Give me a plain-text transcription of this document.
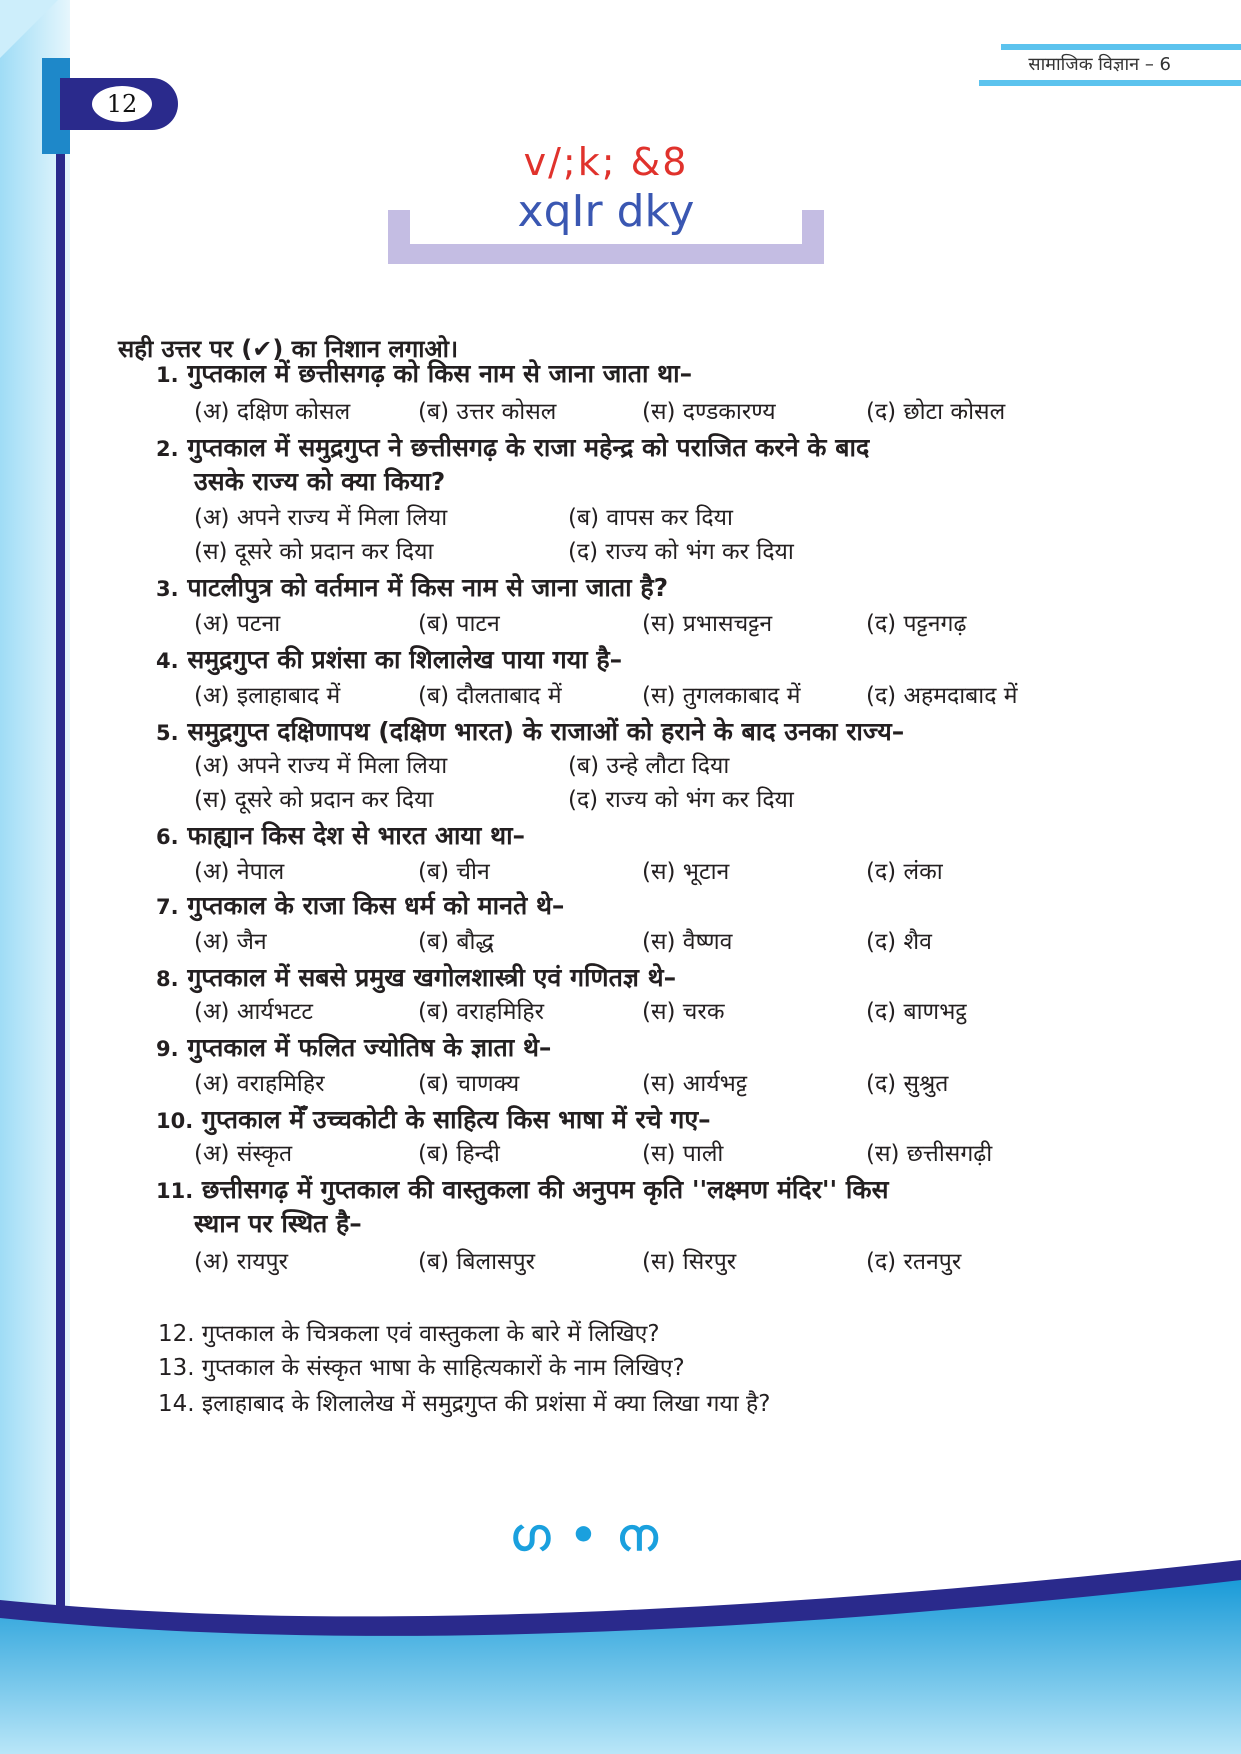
12
सामाजिक विज्ञान – 6
v/;k; &8
xqIr dky
सही उत्तर पर (✔) का निशान लगाओ।
1. गुप्तकाल में छत्तीसगढ़ को किस नाम से जाना जाता था–
(अ) दक्षिण कोसल	(ब) उत्तर कोसल	(स) दण्डकारण्य	(द) छोटा कोसल
2. गुप्तकाल में समुद्रगुप्त ने छत्तीसगढ़ के राजा महेन्द्र को पराजित करने के बाद
उसके राज्य को क्या किया?
(अ) अपने राज्य में मिला लिया	(ब) वापस कर दिया
(स) दूसरे को प्रदान कर दिया	(द) राज्य को भंग कर दिया
3. पाटलीपुत्र को वर्तमान में किस नाम से जाना जाता है?
(अ) पटना	(ब) पाटन	(स) प्रभासचट्टन	(द) पट्टनगढ़
4. समुद्रगुप्त की प्रशंसा का शिलालेख पाया गया है–
(अ) इलाहाबाद में	(ब) दौलताबाद में	(स) तुगलकाबाद में	(द) अहमदाबाद में
5. समुद्रगुप्त दक्षिणापथ (दक्षिण भारत) के राजाओं को हराने के बाद उनका राज्य–
(अ) अपने राज्य में मिला लिया	(ब) उन्हे लौटा दिया
(स) दूसरे को प्रदान कर दिया	(द) राज्य को भंग कर दिया
6. फाह्यान किस देश से भारत आया था–
(अ) नेपाल	(ब) चीन	(स) भूटान	(द) लंका
7. गुप्तकाल के राजा किस धर्म को मानते थे–
(अ) जैन	(ब) बौद्ध	(स) वैष्णव	(द) शैव
8. गुप्तकाल में सबसे प्रमुख खगोलशास्त्री एवं गणितज्ञ थे–
(अ) आर्यभटट	(ब) वराहमिहिर	(स) चरक	(द) बाणभट्ठ
9. गुप्तकाल में फलित ज्योतिष के ज्ञाता थे–
(अ) वराहमिहिर	(ब) चाणक्य	(स) आर्यभट्ट	(द) सुश्रुत
10. गुप्तकाल मेँ उच्चकोटी के साहित्य किस भाषा में रचे गए–
(अ) संस्कृत	(ब) हिन्दी	(स) पाली	(स) छत्तीसगढ़ी
11. छत्तीसगढ़ में गुप्तकाल की वास्तुकला की अनुपम कृति ''लक्ष्मण मंदिर'' किस
स्थान पर स्थित है–
(अ) रायपुर	(ब) बिलासपुर	(स) सिरपुर	(द) रतनपुर
12. गुप्तकाल के चित्रकला एवं वास्तुकला के बारे में लिखिए?
13. गुप्तकाल के संस्कृत भाषा के साहित्यकारों के नाम लिखिए?
14. इलाहाबाद के शिलालेख में समुद्रगुप्त की प्रशंसा में क्या लिखा गया है?
ഗ • ന
